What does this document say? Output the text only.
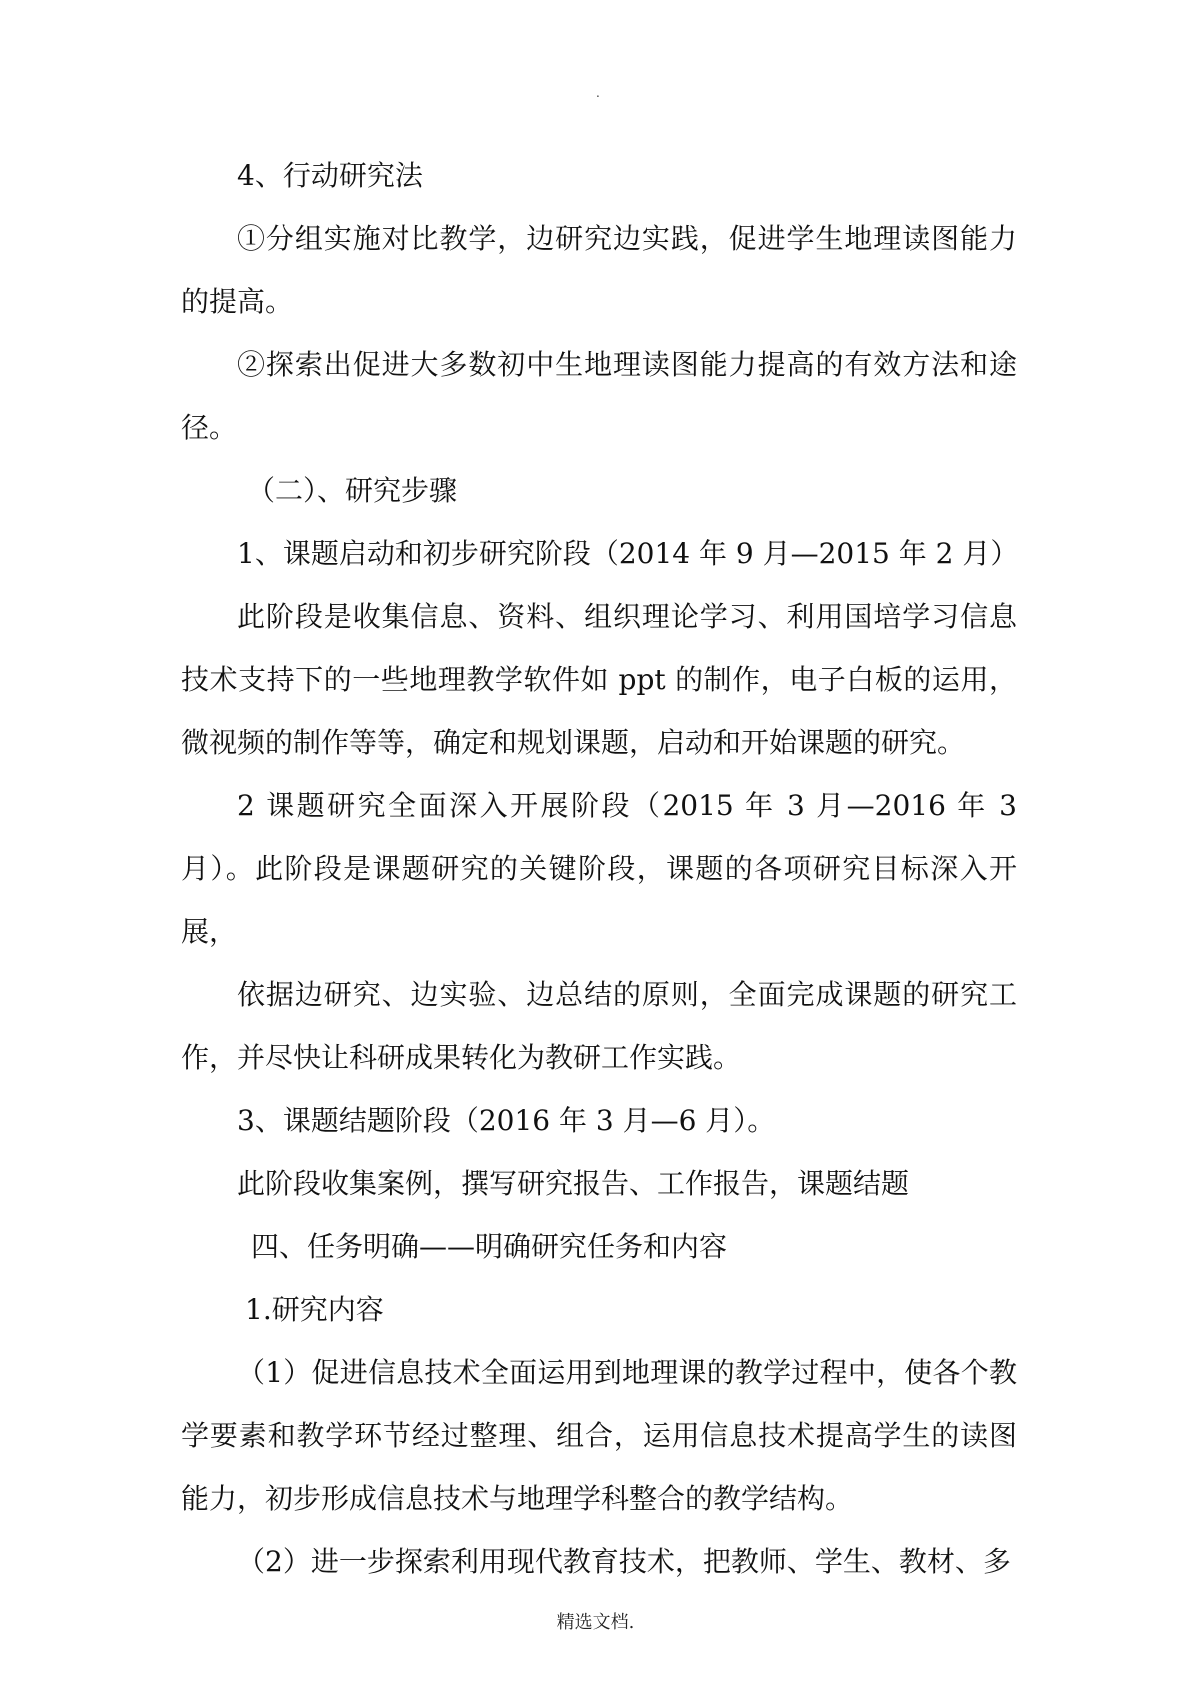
.

4、行动研究法

①分组实施对比教学，边研究边实践，促进学生地理读图能力的提高。

②探索出促进大多数初中生地理读图能力提高的有效方法和途径。

（二）、研究步骤

1、课题启动和初步研究阶段（2014 年 9 月—2015 年 2 月）

此阶段是收集信息、资料、组织理论学习、利用国培学习信息技术支持下的一些地理教学软件如 ppt 的制作，电子白板的运用，微视频的制作等等，确定和规划课题，启动和开始课题的研究。

2 课题研究全面深入开展阶段（2015 年 3 月—2016 年 3 月）。此阶段是课题研究的关键阶段，课题的各项研究目标深入开展，

依据边研究、边实验、边总结的原则，全面完成课题的研究工作，并尽快让科研成果转化为教研工作实践。

3、课题结题阶段（2016 年 3 月—6 月）。

此阶段收集案例，撰写研究报告、工作报告，课题结题

四、任务明确——明确研究任务和内容

1.研究内容

（1）促进信息技术全面运用到地理课的教学过程中，使各个教学要素和教学环节经过整理、组合，运用信息技术提高学生的读图能力，初步形成信息技术与地理学科整合的教学结构。

（2）进一步探索利用现代教育技术，把教师、学生、教材、多

精选文档.
